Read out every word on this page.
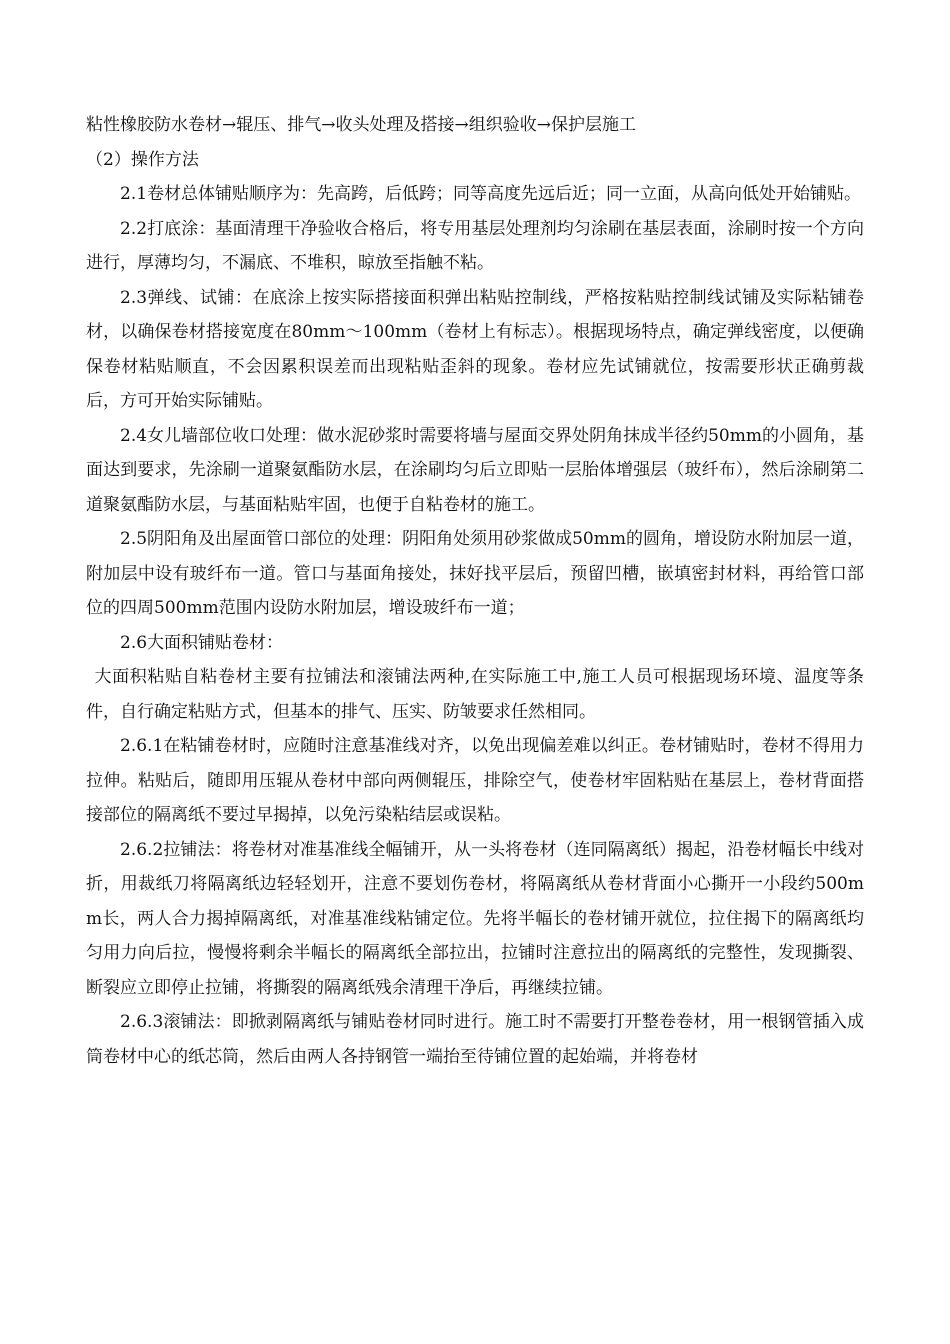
粘性橡胶防水卷材→辊压、排气→收头处理及搭接→组织验收→保护层施工

（2）操作方法

2.1卷材总体铺贴顺序为：先高跨，后低跨；同等高度先远后近；同一立面，从高向低处开始铺贴。

2.2打底涂：基面清理干净验收合格后，将专用基层处理剂均匀涂刷在基层表面，涂刷时按一个方向进行，厚薄均匀，不漏底、不堆积，晾放至指触不粘。

2.3弹线、试铺：在底涂上按实际搭接面积弹出粘贴控制线，严格按粘贴控制线试铺及实际粘铺卷材，以确保卷材搭接宽度在80mm～100mm（卷材上有标志）。根据现场特点，确定弹线密度，以便确保卷材粘贴顺直，不会因累积误差而出现粘贴歪斜的现象。卷材应先试铺就位，按需要形状正确剪裁后，方可开始实际铺贴。

2.4女儿墙部位收口处理：做水泥砂浆时需要将墙与屋面交界处阴角抹成半径约50mm的小圆角，基面达到要求，先涂刷一道聚氨酯防水层，在涂刷均匀后立即贴一层胎体增强层（玻纤布），然后涂刷第二道聚氨酯防水层，与基面粘贴牢固，也便于自粘卷材的施工。

2.5阴阳角及出屋面管口部位的处理：阴阳角处须用砂浆做成50mm的圆角，增设防水附加层一道，附加层中设有玻纤布一道。管口与基面角接处，抹好找平层后，预留凹槽，嵌填密封材料，再给管口部位的四周500mm范围内设防水附加层，增设玻纤布一道；

2.6大面积铺贴卷材：

大面积粘贴自粘卷材主要有拉铺法和滚铺法两种,在实际施工中,施工人员可根据现场环境、温度等条件，自行确定粘贴方式，但基本的排气、压实、防皱要求任然相同。

2.6.1在粘铺卷材时，应随时注意基准线对齐，以免出现偏差难以纠正。卷材铺贴时，卷材不得用力拉伸。粘贴后，随即用压辊从卷材中部向两侧辊压，排除空气，使卷材牢固粘贴在基层上，卷材背面搭接部位的隔离纸不要过早揭掉，以免污染粘结层或误粘。

2.6.2拉铺法：将卷材对准基准线全幅铺开，从一头将卷材（连同隔离纸）揭起，沿卷材幅长中线对折，用裁纸刀将隔离纸边轻轻划开，注意不要划伤卷材，将隔离纸从卷材背面小心撕开一小段约500mm长，两人合力揭掉隔离纸，对准基准线粘铺定位。先将半幅长的卷材铺开就位，拉住揭下的隔离纸均匀用力向后拉，慢慢将剩余半幅长的隔离纸全部拉出，拉铺时注意拉出的隔离纸的完整性，发现撕裂、断裂应立即停止拉铺，将撕裂的隔离纸残余清理干净后，再继续拉铺。

2.6.3滚铺法：即掀剥隔离纸与铺贴卷材同时进行。施工时不需要打开整卷卷材，用一根钢管插入成筒卷材中心的纸芯筒，然后由两人各持钢管一端抬至待铺位置的起始端，并将卷材
